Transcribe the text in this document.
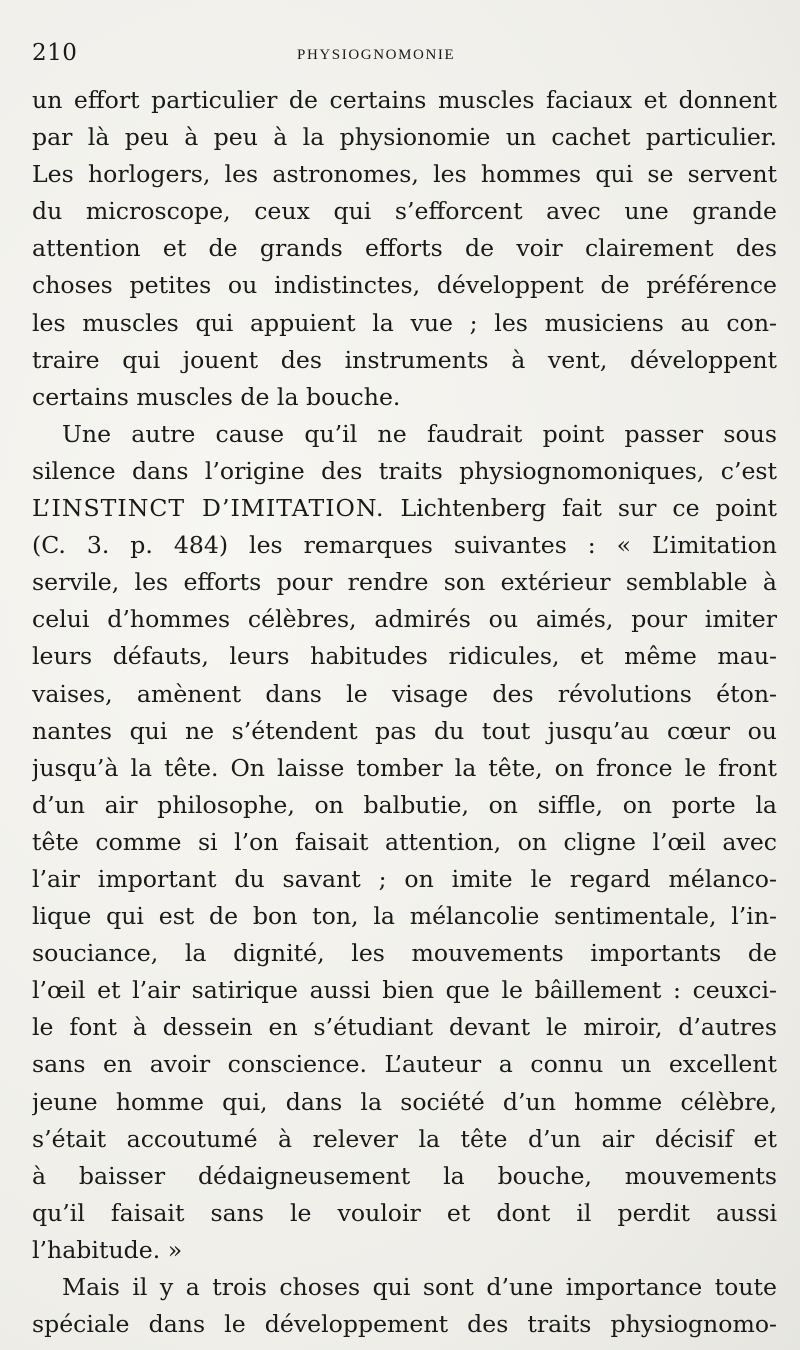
210	PHYSIOGNOMONIE
un effort particulier de certains muscles faciaux et donnent
par là peu à peu à la physionomie un cachet particulier.
Les horlogers, les astronomes, les hommes qui se servent
du microscope, ceux qui s’efforcent avec une grande
attention et de grands efforts de voir clairement des
choses petites ou indistinctes, développent de préférence
les muscles qui appuient la vue ; les musiciens au con-
traire qui jouent des instruments à vent, développent
certains muscles de la bouche.
Une autre cause qu’il ne faudrait point passer sous
silence dans l’origine des traits physiognomoniques, c’est
L’INSTINCT D’IMITATION. Lichtenberg fait sur ce point
(C. 3. p. 484) les remarques suivantes : « L’imitation
servile, les efforts pour rendre son extérieur semblable à
celui d’hommes célèbres, admirés ou aimés, pour imiter
leurs défauts, leurs habitudes ridicules, et même mau-
vaises, amènent dans le visage des révolutions éton-
nantes qui ne s’étendent pas du tout jusqu’au cœur ou
jusqu’à la tête. On laisse tomber la tête, on fronce le front
d’un air philosophe, on balbutie, on siffle, on porte la
tête comme si l’on faisait attention, on cligne l’œil avec
l’air important du savant ; on imite le regard mélanco-
lique qui est de bon ton, la mélancolie sentimentale, l’in-
souciance, la dignité, les mouvements importants de
l’œil et l’air satirique aussi bien que le bâillement : ceuxci-
le font à dessein en s’étudiant devant le miroir, d’autres
sans en avoir conscience. L’auteur a connu un excellent
jeune homme qui, dans la société d’un homme célèbre,
s’était accoutumé à relever la tête d’un air décisif et
à baisser dédaigneusement la bouche, mouvements
qu’il faisait sans le vouloir et dont il perdit aussi
l’habitude. »
Mais il y a trois choses qui sont d’une importance toute
spéciale dans le développement des traits physiognomo-
